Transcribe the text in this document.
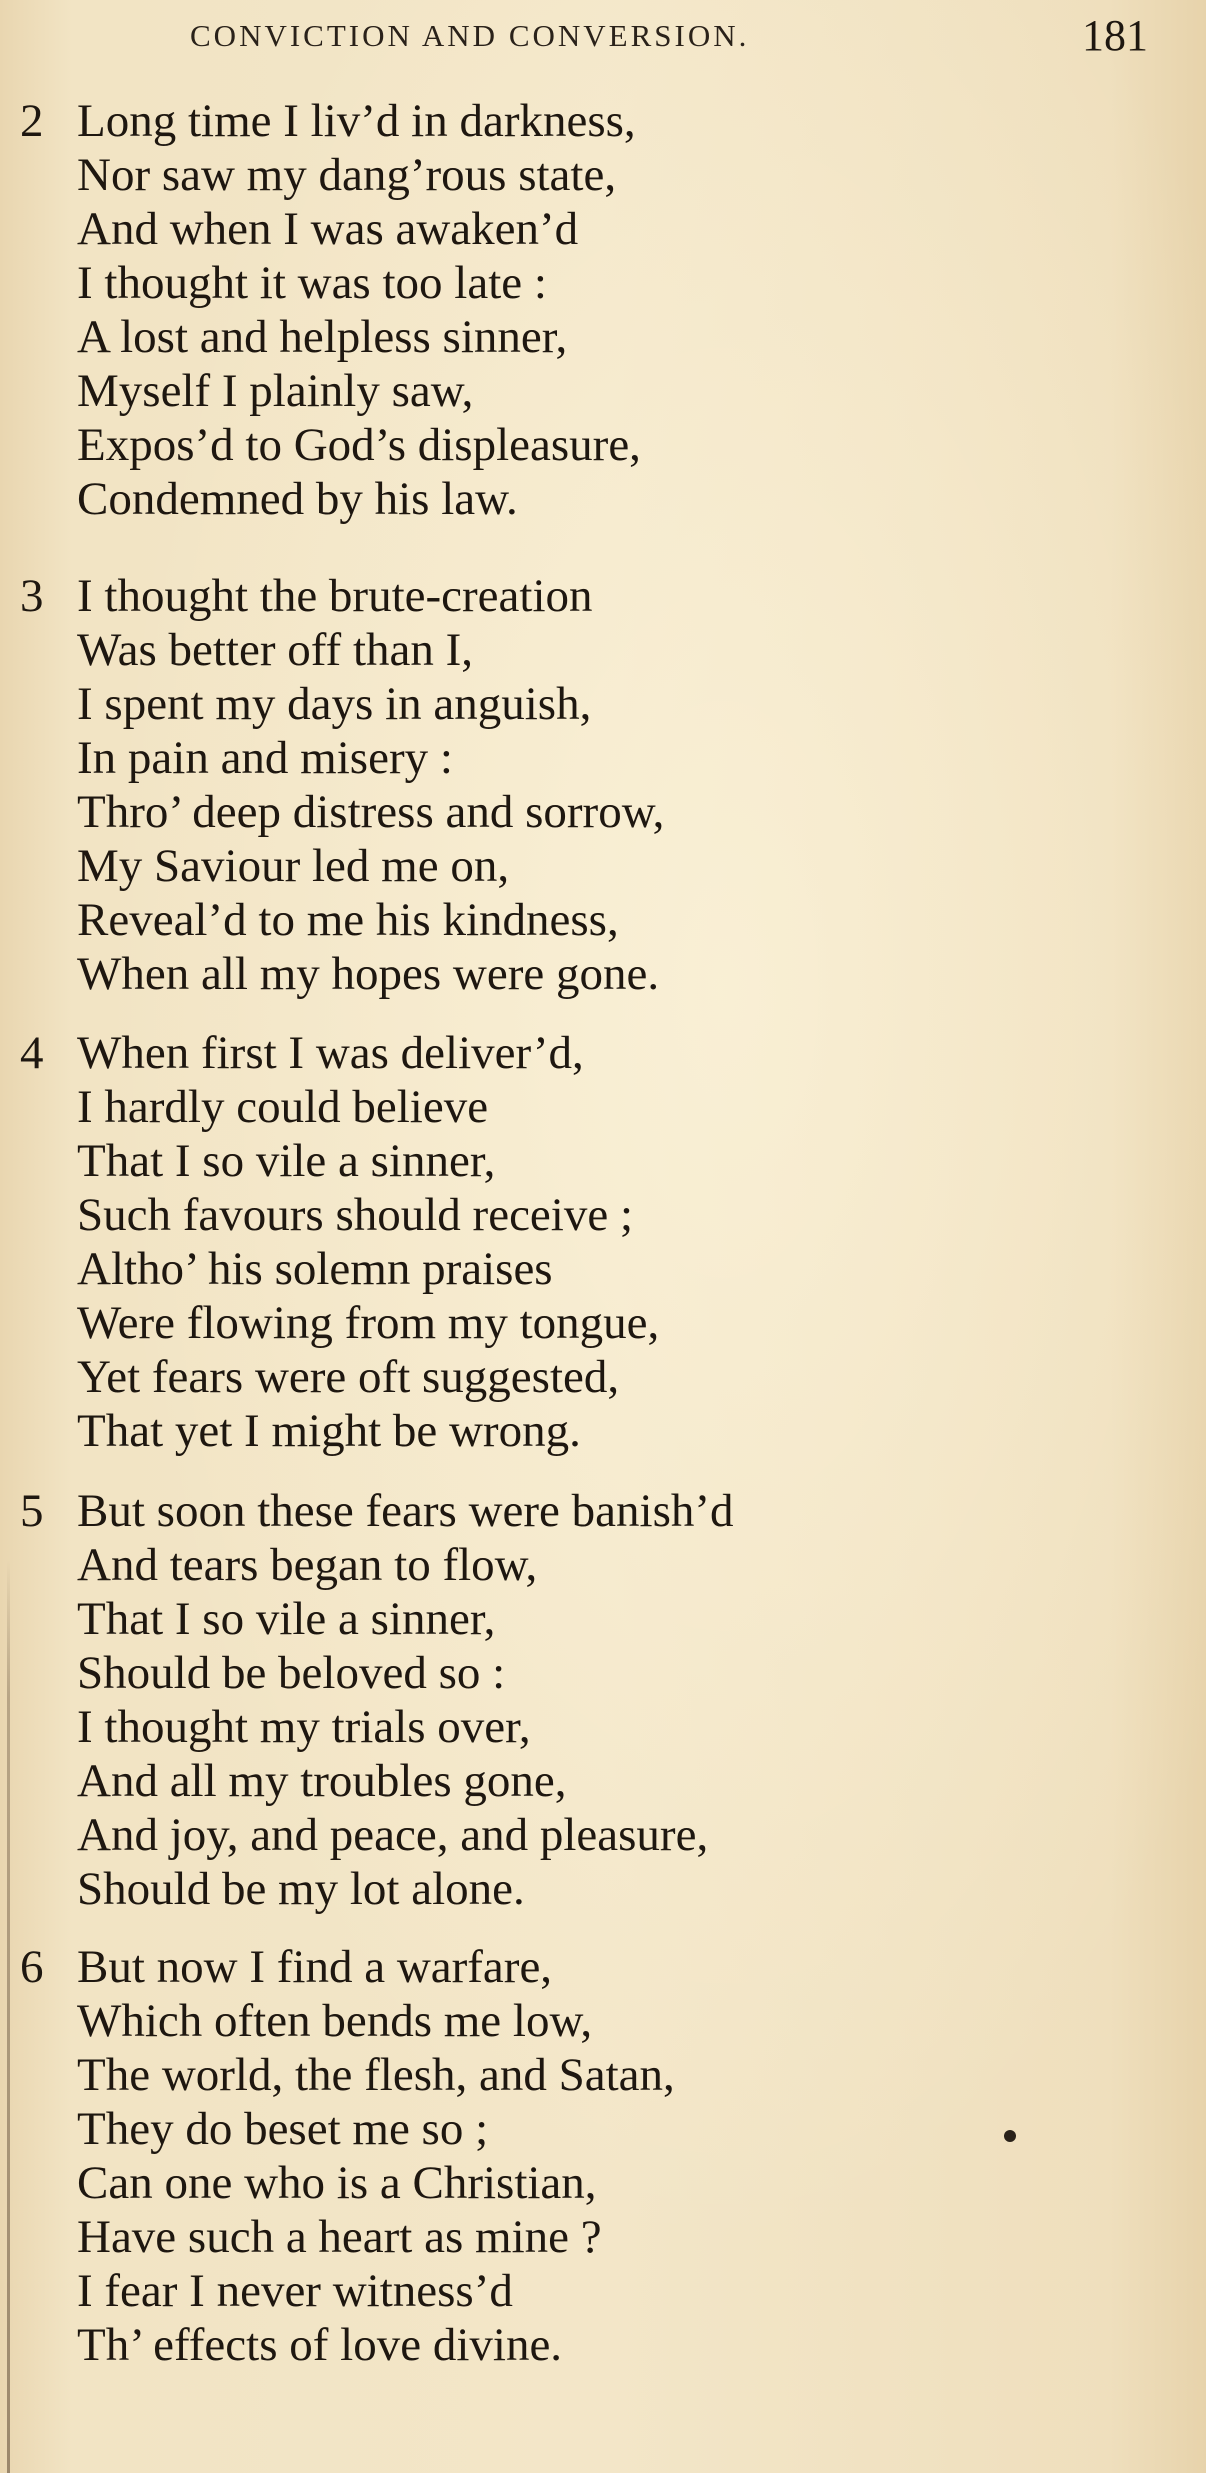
CONVICTION AND CONVERSION.	181
2 Long time I liv’d in darkness,
Nor saw my dang’rous state,
And when I was awaken’d
I thought it was too late :
A lost and helpless sinner,
Myself I plainly saw,
Expos’d to God’s displeasure,
Condemned by his law.
3 I thought the brute-creation
Was better off than I,
I spent my days in anguish,
In pain and misery :
Thro’ deep distress and sorrow,
My Saviour led me on,
Reveal’d to me his kindness,
When all my hopes were gone.
4 When first I was deliver’d,
I hardly could believe
That I so vile a sinner,
Such favours should receive ;
Altho’ his solemn praises
Were flowing from my tongue,
Yet fears were oft suggested,
That yet I might be wrong.
5 But soon these fears were banish’d
And tears began to flow,
That I so vile a sinner,
Should be beloved so :
I thought my trials over,
And all my troubles gone,
And joy, and peace, and pleasure,
Should be my lot alone.
6 But now I find a warfare,
Which often bends me low,
The world, the flesh, and Satan,
They do beset me so ;
Can one who is a Christian,
Have such a heart as mine ?
I fear I never witness’d
Th’ effects of love divine.
